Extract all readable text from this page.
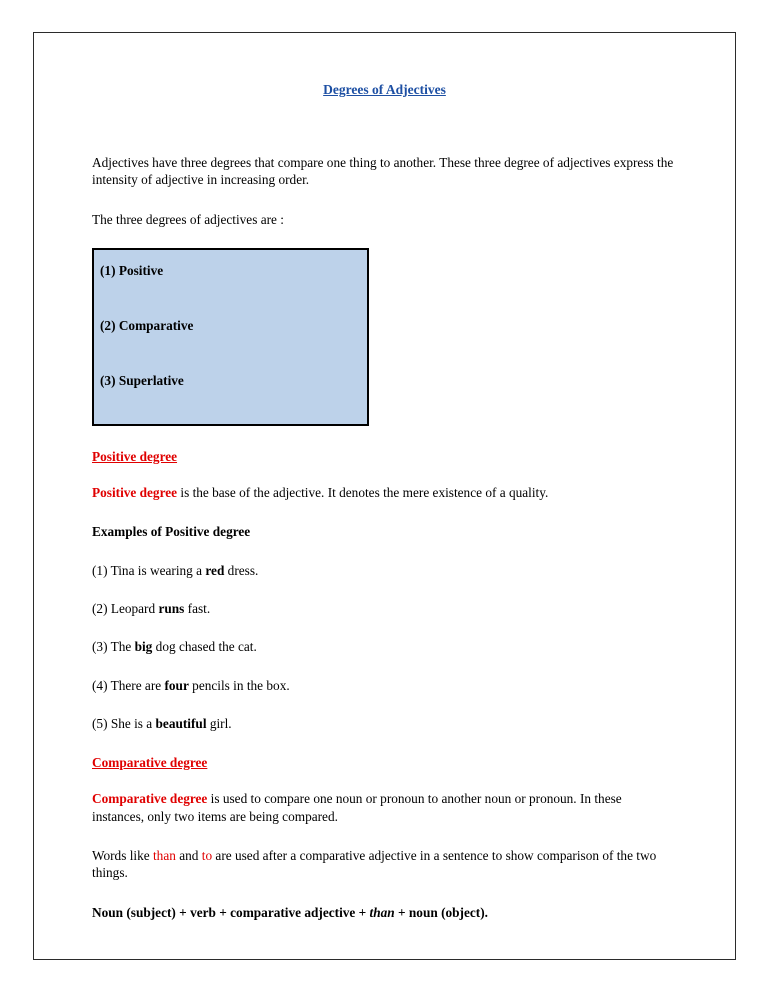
Degrees of Adjectives

Adjectives have three degrees that compare one thing to another. These three degree of adjectives express the intensity of adjective in increasing order.

The three degrees of adjectives are :

(1) Positive

(2) Comparative

(3) Superlative

Positive degree

Positive degree is the base of the adjective. It denotes the mere existence of a quality.

Examples of Positive degree

(1) Tina is wearing a red dress.

(2) Leopard runs fast.

(3) The big dog chased the cat.

(4) There are four pencils in the box.

(5) She is a beautiful girl.

Comparative degree

Comparative degree is used to compare one noun or pronoun to another noun or pronoun. In these instances, only two items are being compared.

Words like than and to are used after a comparative adjective in a sentence to show comparison of the two things.

Noun (subject) + verb + comparative adjective + than + noun (object).
